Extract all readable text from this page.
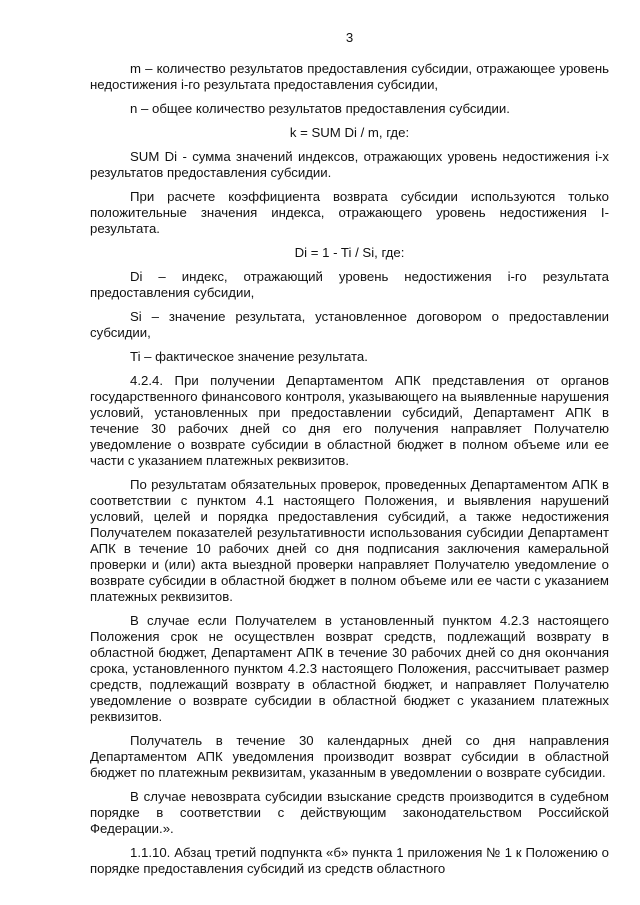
3

m – количество результатов предоставления субсидии, отражающее уровень недостижения i-го результата предоставления субсидии,

n – общее количество результатов предоставления субсидии.

k = SUM Di / m, где:

SUM Di - сумма значений индексов, отражающих уровень недостижения i-х результатов предоставления субсидии.

При расчете коэффициента возврата субсидии используются только положительные значения индекса, отражающего уровень недостижения I-результата.

Di = 1 - Ti / Si, где:

Di – индекс, отражающий уровень недостижения i-го результата предоставления субсидии,

Si – значение результата, установленное договором о предоставлении субсидии,

Ti – фактическое значение результата.

4.2.4. При получении Департаментом АПК представления от органов государственного финансового контроля, указывающего на выявленные нарушения условий, установленных при предоставлении субсидий, Департамент АПК в течение 30 рабочих дней со дня его получения направляет Получателю уведомление о возврате субсидии в областной бюджет в полном объеме или ее части с указанием платежных реквизитов.

По результатам обязательных проверок, проведенных Департаментом АПК в соответствии с пунктом 4.1 настоящего Положения, и выявления нарушений условий, целей и порядка предоставления субсидий, а также недостижения Получателем показателей результативности использования субсидии Департамент АПК в течение 10 рабочих дней со дня подписания заключения камеральной проверки и (или) акта выездной проверки направляет Получателю уведомление о возврате субсидии в областной бюджет в полном объеме или ее части с указанием платежных реквизитов.

В случае если Получателем в установленный пунктом 4.2.3 настоящего Положения срок не осуществлен возврат средств, подлежащий возврату в областной бюджет, Департамент АПК в течение 30 рабочих дней со дня окончания срока, установленного пунктом 4.2.3 настоящего Положения, рассчитывает размер средств, подлежащий возврату в областной бюджет, и направляет Получателю уведомление о возврате субсидии в областной бюджет с указанием платежных реквизитов.

Получатель в течение 30 календарных дней со дня направления Департаментом АПК уведомления производит возврат субсидии в областной бюджет по платежным реквизитам, указанным в уведомлении о возврате субсидии.

В случае невозврата субсидии взыскание средств производится в судебном порядке в соответствии с действующим законодательством Российской Федерации.».

1.1.10. Абзац третий подпункта «б» пункта 1 приложения № 1 к Положению о порядке предоставления субсидий из средств областного
